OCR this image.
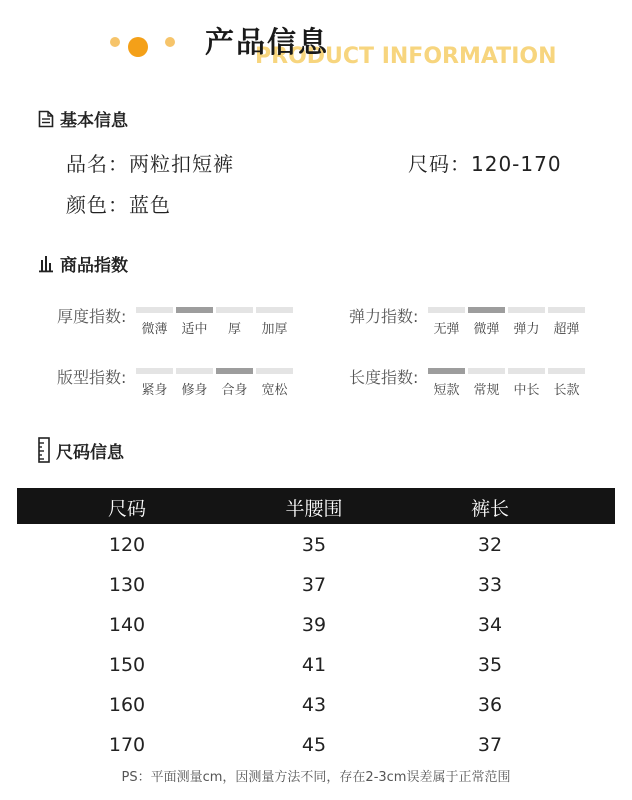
PRODUCT INFORMATION
产品信息
基本信息
品名：两粒扣短裤	尺码：120-170
颜色：蓝色
商品指数
厚度指数:
微薄 适中 厚 加厚
弹力指数:
无弹 微弹 弹力 超弹
版型指数:
紧身 修身 合身 宽松
长度指数:
短款 常规 中长 长款
尺码信息
尺码	半腰围	裤长
120	35	32
130	37	33
140	39	34
150	41	35
160	43	36
170	45	37
PS：平面测量cm，因测量方法不同，存在2-3cm误差属于正常范围
